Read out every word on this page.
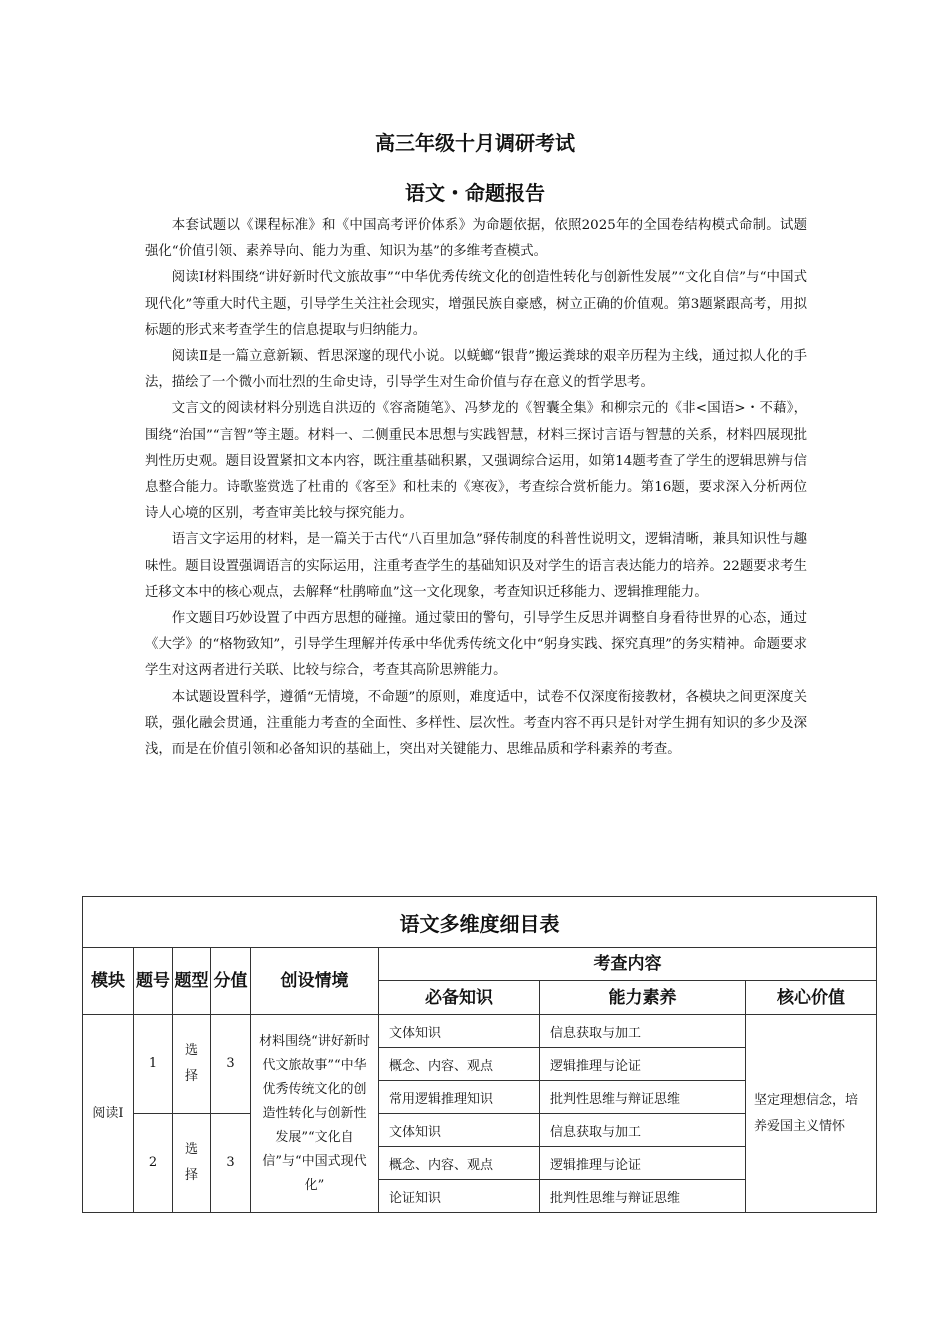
高三年级十月调研考试
语文・命题报告

本套试题以《课程标准》和《中国高考评价体系》为命题依据，依照2025年的全国卷结构模式命制。试题强化“价值引领、素养导向、能力为重、知识为基”的多维考查模式。

阅读Ⅰ材料围绕“讲好新时代文旅故事”“中华优秀传统文化的创造性转化与创新性发展”“文化自信”与“中国式现代化”等重大时代主题，引导学生关注社会现实，增强民族自豪感，树立正确的价值观。第3题紧跟高考，用拟标题的形式来考查学生的信息提取与归纳能力。

阅读Ⅱ是一篇立意新颖、哲思深邃的现代小说。以蜣螂“银背”搬运粪球的艰辛历程为主线，通过拟人化的手法，描绘了一个微小而壮烈的生命史诗，引导学生对生命价值与存在意义的哲学思考。

文言文的阅读材料分别选自洪迈的《容斋随笔》、冯梦龙的《智囊全集》和柳宗元的《非<国语>・不藉》，围绕“治国”“言智”等主题。材料一、二侧重民本思想与实践智慧，材料三探讨言语与智慧的关系，材料四展现批判性历史观。题目设置紧扣文本内容，既注重基础积累，又强调综合运用，如第14题考查了学生的逻辑思辨与信息整合能力。诗歌鉴赏选了杜甫的《客至》和杜耒的《寒夜》，考查综合赏析能力。第16题，要求深入分析两位诗人心境的区别，考查审美比较与探究能力。

语言文字运用的材料，是一篇关于古代“八百里加急”驿传制度的科普性说明文，逻辑清晰，兼具知识性与趣味性。题目设置强调语言的实际运用，注重考查学生的基础知识及对学生的语言表达能力的培养。22题要求考生迁移文本中的核心观点，去解释“杜鹃啼血”这一文化现象，考查知识迁移能力、逻辑推理能力。

作文题目巧妙设置了中西方思想的碰撞。通过蒙田的警句，引导学生反思并调整自身看待世界的心态，通过《大学》的“格物致知”，引导学生理解并传承中华优秀传统文化中“躬身实践、探究真理”的务实精神。命题要求学生对这两者进行关联、比较与综合，考查其高阶思辨能力。

本试题设置科学，遵循“无情境，不命题”的原则，难度适中，试卷不仅深度衔接教材，各模块之间更深度关联，强化融会贯通，注重能力考查的全面性、多样性、层次性。考查内容不再只是针对学生拥有知识的多少及深浅，而是在价值引领和必备知识的基础上，突出对关键能力、思维品质和学科素养的考查。

语文多维度细目表							
模块	题号	题型	分值	创设情境	考查内容		
					必备知识	能力素养	核心价值
阅读Ⅰ	1	选择	3	材料围绕“讲好新时代文旅故事”“中华优秀传统文化的创造性转化与创新性发展”“文化自信”与“中国式现代化”	文体知识	信息获取与加工	坚定理想信念，培养爱国主义情怀
					概念、内容、观点	逻辑推理与论证	
					常用逻辑推理知识	批判性思维与辩证思维	
	2	选择	3		文体知识	信息获取与加工	
					概念、内容、观点	逻辑推理与论证	
					论证知识	批判性思维与辩证思维	
